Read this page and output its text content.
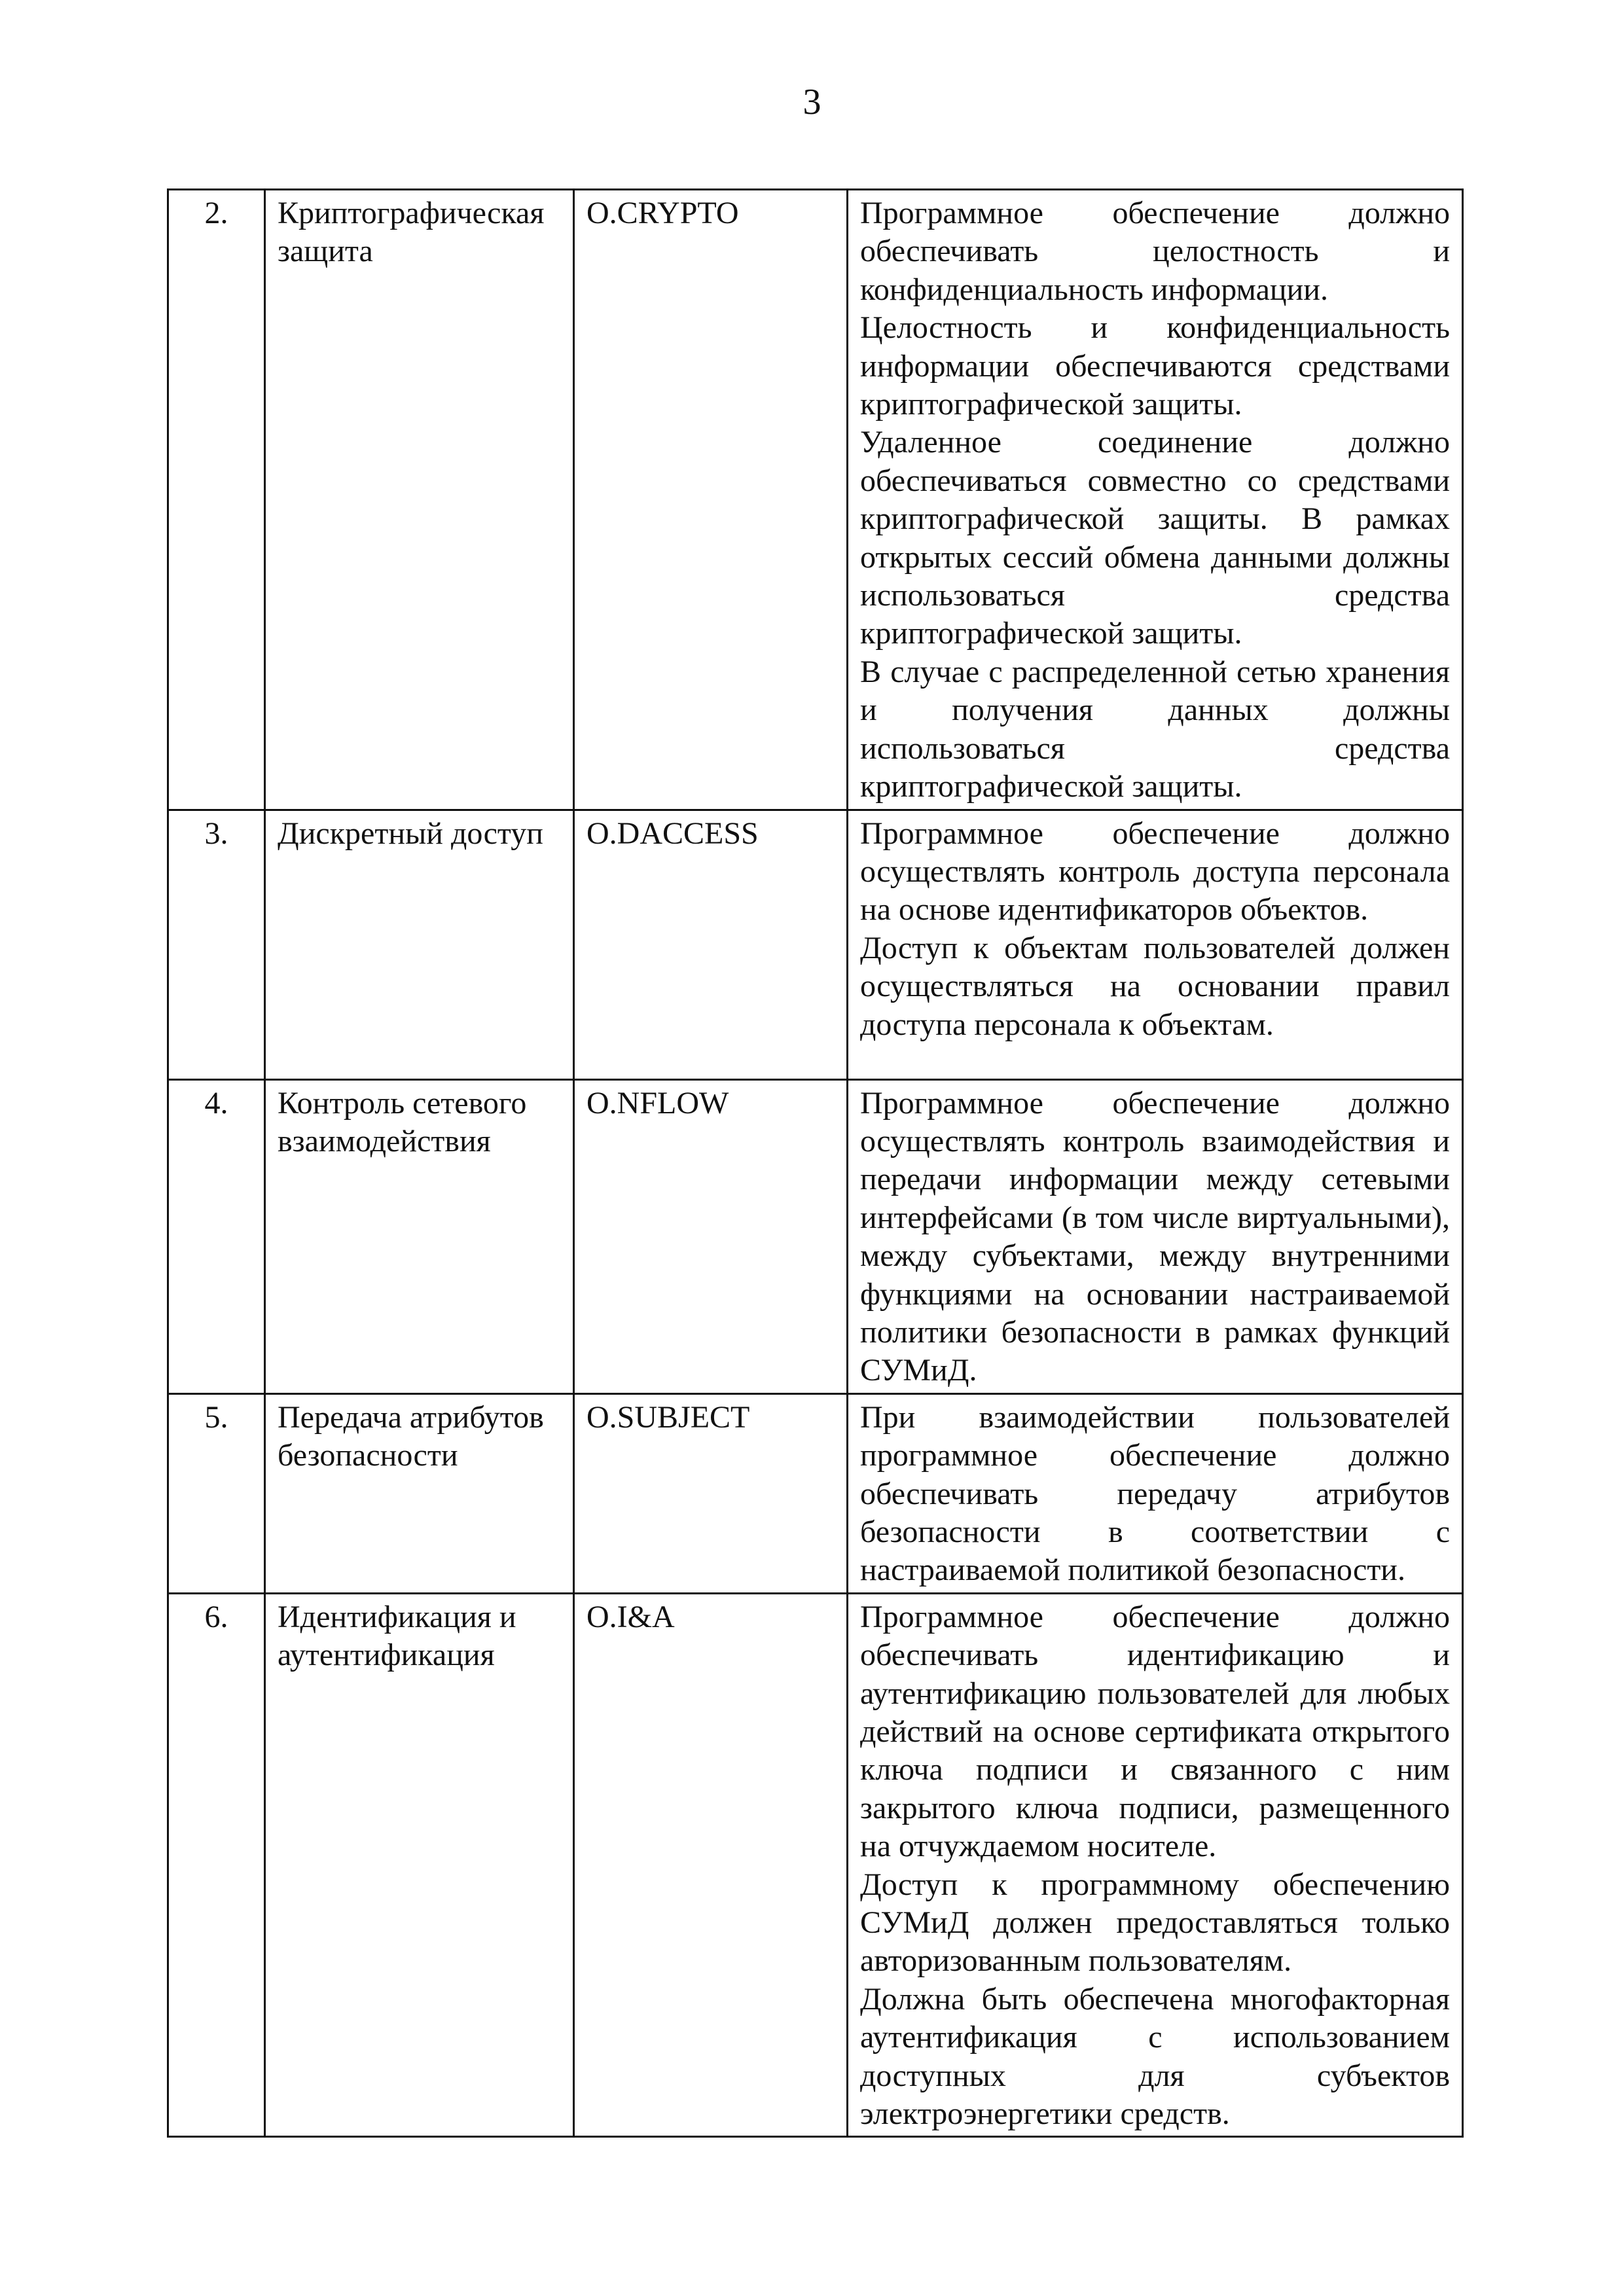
3
2.	Криптографическая защита	O.CRYPTO	Программное обеспечение должно обеспечивать целостность и конфиденциальность информации.

Целостность и конфиденциальность информации обеспечиваются средствами криптографической защиты.

Удаленное соединение должно обеспечиваться совместно со средствами криптографической защиты. В рамках открытых сессий обмена данными должны использоваться средства криптографической защиты.

В случае с распределенной сетью хранения и получения данных должны использоваться средства криптографической защиты.

3.	Дискретный доступ	O.DACCESS	Программное обеспечение должно осуществлять контроль доступа персонала на основе идентификаторов объектов.

Доступ к объектам пользователей должен осуществляться на основании правил доступа персонала к объектам.

4.	Контроль сетевого взаимодействия	O.NFLOW	Программное обеспечение должно осуществлять контроль взаимодействия и передачи информации между сетевыми интерфейсами (в том числе виртуальными), между субъектами, между внутренними функциями на основании настраиваемой политики безопасности в рамках функций СУМиД.

5.	Передача атрибутов безопасности	O.SUBJECT	При взаимодействии пользователей программное обеспечение должно обеспечивать передачу атрибутов безопасности в соответствии с настраиваемой политикой безопасности.

6.	Идентификация и аутентификация	O.I&A	Программное обеспечение должно обеспечивать идентификацию и аутентификацию пользователей для любых действий на основе сертификата открытого ключа подписи и связанного с ним закрытого ключа подписи, размещенного на отчуждаемом носителе.

Доступ к программному обеспечению СУМиД должен предоставляться только авторизованным пользователям.

Должна быть обеспечена многофакторная аутентификация с использованием доступных для субъектов электроэнергетики средств.
